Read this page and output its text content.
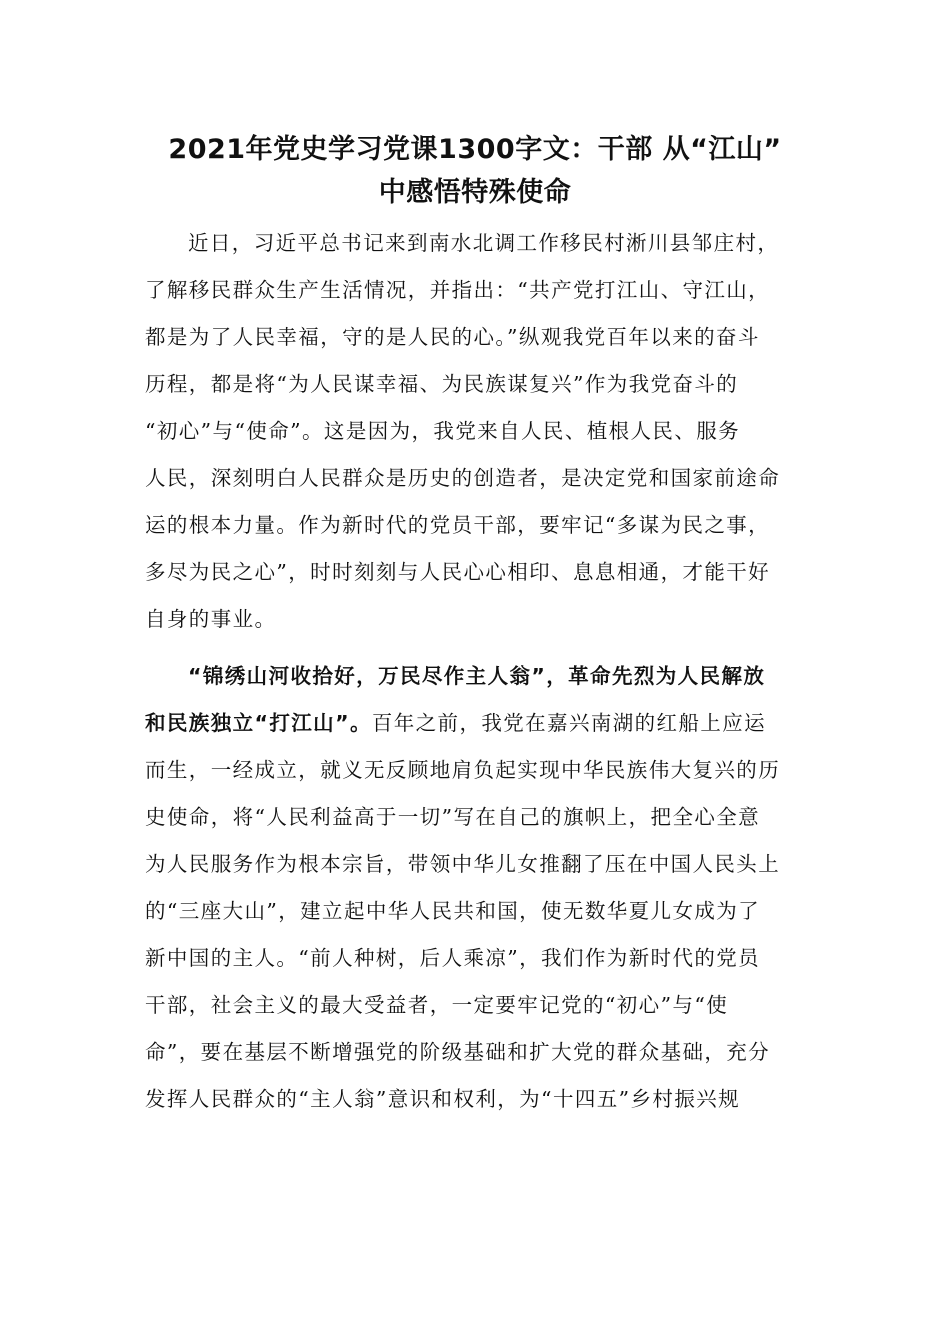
2021年党史学习党课1300字文：干部 从“江山”
中感悟特殊使命
近日，习近平总书记来到南水北调工作移民村淅川县邹庄村，
了解移民群众生产生活情况，并指出：“共产党打江山、守江山，
都是为了人民幸福，守的是人民的心。”纵观我党百年以来的奋斗
历程，都是将“为人民谋幸福、为民族谋复兴”作为我党奋斗的
“初心”与“使命”。这是因为，我党来自人民、植根人民、服务
人民，深刻明白人民群众是历史的创造者，是决定党和国家前途命
运的根本力量。作为新时代的党员干部，要牢记“多谋为民之事，
多尽为民之心”，时时刻刻与人民心心相印、息息相通，才能干好
自身的事业。
“锦绣山河收拾好，万民尽作主人翁”，革命先烈为人民解放
和民族独立“打江山”。百年之前，我党在嘉兴南湖的红船上应运
而生，一经成立，就义无反顾地肩负起实现中华民族伟大复兴的历
史使命，将“人民利益高于一切”写在自己的旗帜上，把全心全意
为人民服务作为根本宗旨，带领中华儿女推翻了压在中国人民头上
的“三座大山”，建立起中华人民共和国，使无数华夏儿女成为了
新中国的主人。“前人种树，后人乘凉”，我们作为新时代的党员
干部，社会主义的最大受益者，一定要牢记党的“初心”与“使
命”，要在基层不断增强党的阶级基础和扩大党的群众基础，充分
发挥人民群众的“主人翁”意识和权利，为“十四五”乡村振兴规
